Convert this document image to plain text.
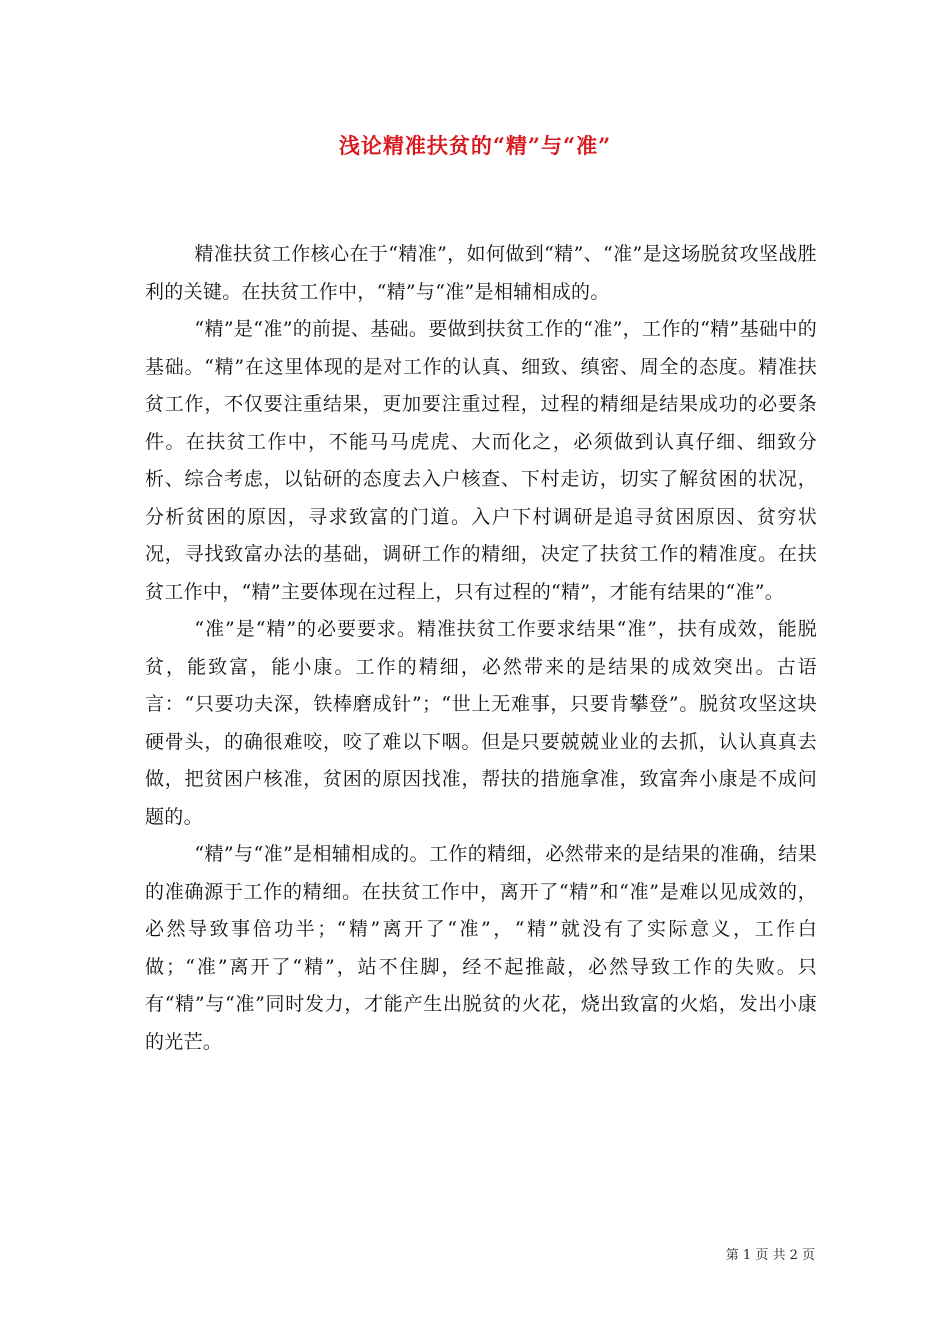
浅论精准扶贫的“精”与“准”

精准扶贫工作核心在于“精准”，如何做到“精”、“准”是这场脱贫攻坚战胜利的关键。在扶贫工作中，“精”与“准”是相辅相成的。

“精”是“准”的前提、基础。要做到扶贫工作的“准”，工作的“精”基础中的基础。“精”在这里体现的是对工作的认真、细致、缜密、周全的态度。精准扶贫工作，不仅要注重结果，更加要注重过程，过程的精细是结果成功的必要条件。在扶贫工作中，不能马马虎虎、大而化之，必须做到认真仔细、细致分析、综合考虑，以钻研的态度去入户核查、下村走访，切实了解贫困的状况，分析贫困的原因，寻求致富的门道。入户下村调研是追寻贫困原因、贫穷状况，寻找致富办法的基础，调研工作的精细，决定了扶贫工作的精准度。在扶贫工作中，“精”主要体现在过程上，只有过程的“精”，才能有结果的“准”。

“准”是“精”的必要要求。精准扶贫工作要求结果“准”，扶有成效，能脱贫，能致富，能小康。工作的精细，必然带来的是结果的成效突出。古语言：“只要功夫深，铁棒磨成针”；“世上无难事，只要肯攀登”。脱贫攻坚这块硬骨头，的确很难咬，咬了难以下咽。但是只要兢兢业业的去抓，认认真真去做，把贫困户核准，贫困的原因找准，帮扶的措施拿准，致富奔小康是不成问题的。

“精”与“准”是相辅相成的。工作的精细，必然带来的是结果的准确，结果的准确源于工作的精细。在扶贫工作中，离开了“精”和“准”是难以见成效的，必然导致事倍功半；“精”离开了“准”，“精”就没有了实际意义，工作白做；“准”离开了“精”，站不住脚，经不起推敲，必然导致工作的失败。只有“精”与“准”同时发力，才能产生出脱贫的火花，烧出致富的火焰，发出小康的光芒。

第 1 页 共 2 页
